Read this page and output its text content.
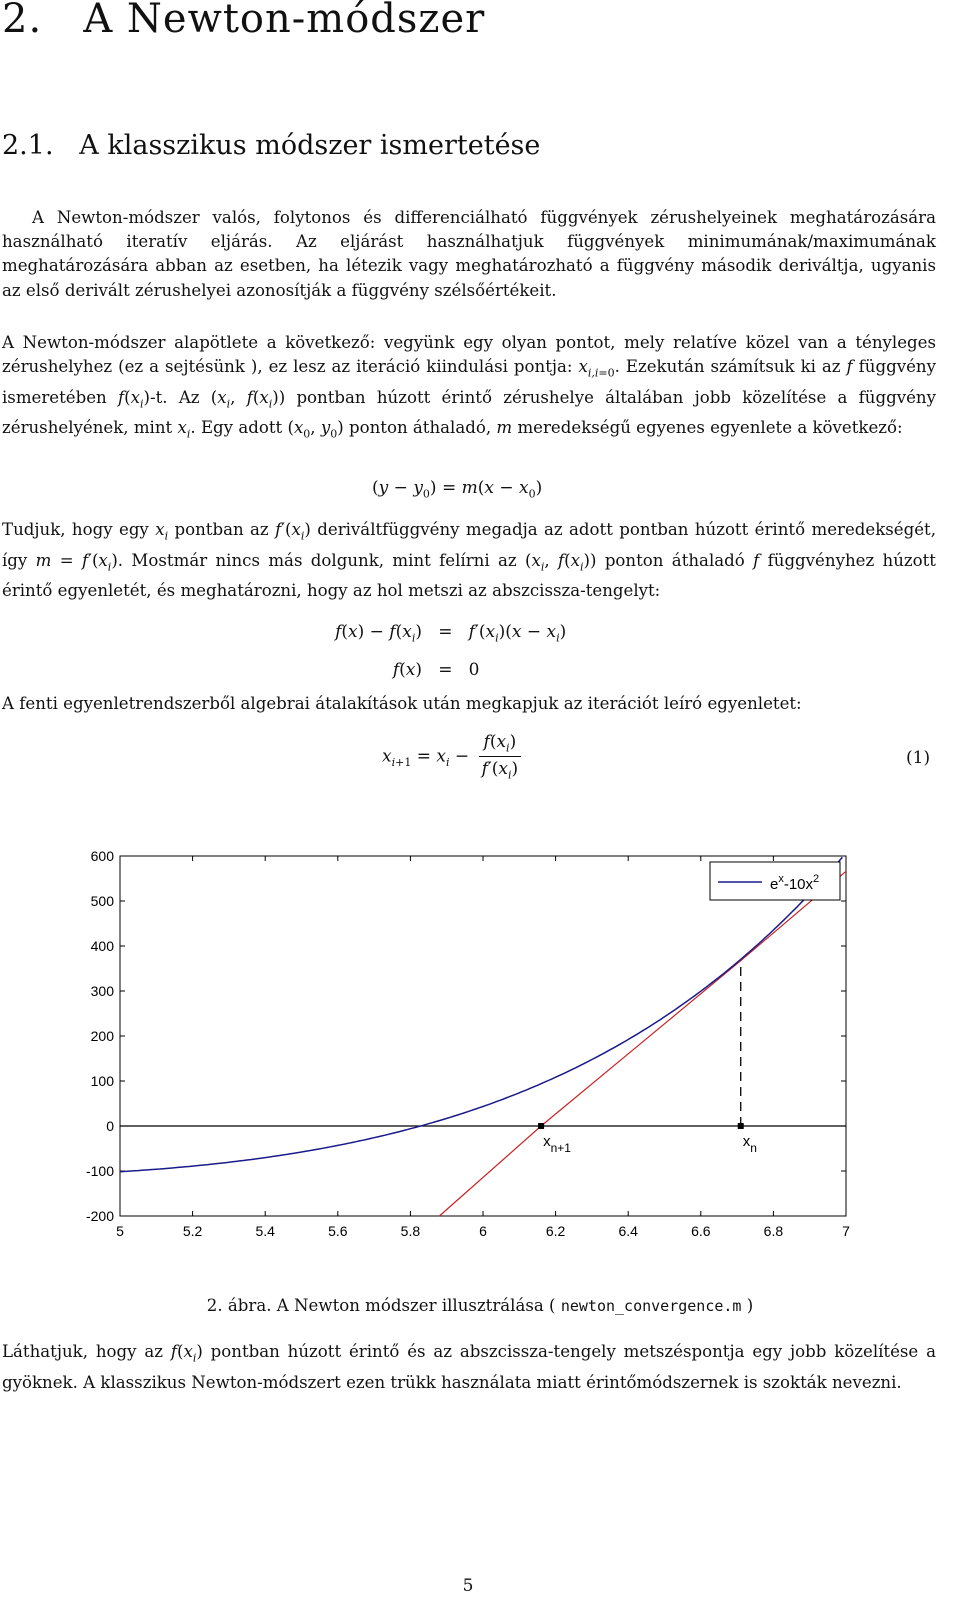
2. A Newton-módszer
2.1. A klasszikus módszer ismertetése
A Newton-módszer valós, folytonos és differenciálható függvények zérushelyeinek meghatározására használható iteratív eljárás. Az eljárást használhatjuk függvények minimumának/maximumának meghatározására abban az esetben, ha létezik vagy meghatározható a függvény második deriváltja, ugyanis az első derivált zérushelyei azonosítják a függvény szélsőértékeit.
A Newton-módszer alapötlete a következő: vegyünk egy olyan pontot, mely relatíve közel van a tényleges zérushelyhez (ez a sejtésünk ), ez lesz az iteráció kiindulási pontja: $x_{i,i=0}$. Ezekután számítsuk ki az f függvény ismeretében $f(x_i)-t$. Az ($x_i$, $f(x_i)$) pontban húzott érintő zérushelye általában jobb közelítése a függvény zérushelyének, mint $x_i$. Egy adott ($x_0$, $y_0$) ponton áthaladó, m meredekségű egyenes egyenlete a következő:
$(y - y_0) = m(x - x_0)$
Tudjuk, hogy egy $x_i$ pontban az $f'(x_i)$ deriváltfüggvény megadja az adott pontban húzott érintő meredekségét, így $m = f'(x_i)$. Mostmár nincs más dolgunk, mint felírni az ($x_i$, $f(x_i)$) ponton áthaladó f függvényhez húzott érintő egyenletét, és meghatározni, hogy az hol metszi az abszcissza-tengelyt:
$f(x) - f(x_i) = f'(x_i)(x - x_i)$
f(x)   =   0
A fenti egyenletrendszerből algebrai átalakítások után megkapjuk az iterációt leíró egyenletet:
$x_{i+1} = x_i - \frac{f(x_i)}{f'(x_i)}$	(1)
-200
-100
0
100
200
300
400
500
600
5	5.2	5.4	5.6	5.8	6	6.2	6.4	6.6	6.8	7
$x_n$
$x_{n+1}$
$e^x-10x^2$
2. ábra. A Newton módszer illusztrálása ( newton_convergence.m )
Láthatjuk, hogy az $f(x_i)$ pontban húzott érintő és az abszcissza-tengely metszéspontja egy jobb közelítése a gyöknek. A klasszikus Newton-módszert ezen trükk használata miatt érintőmódszernek is szokták nevezni.
5
